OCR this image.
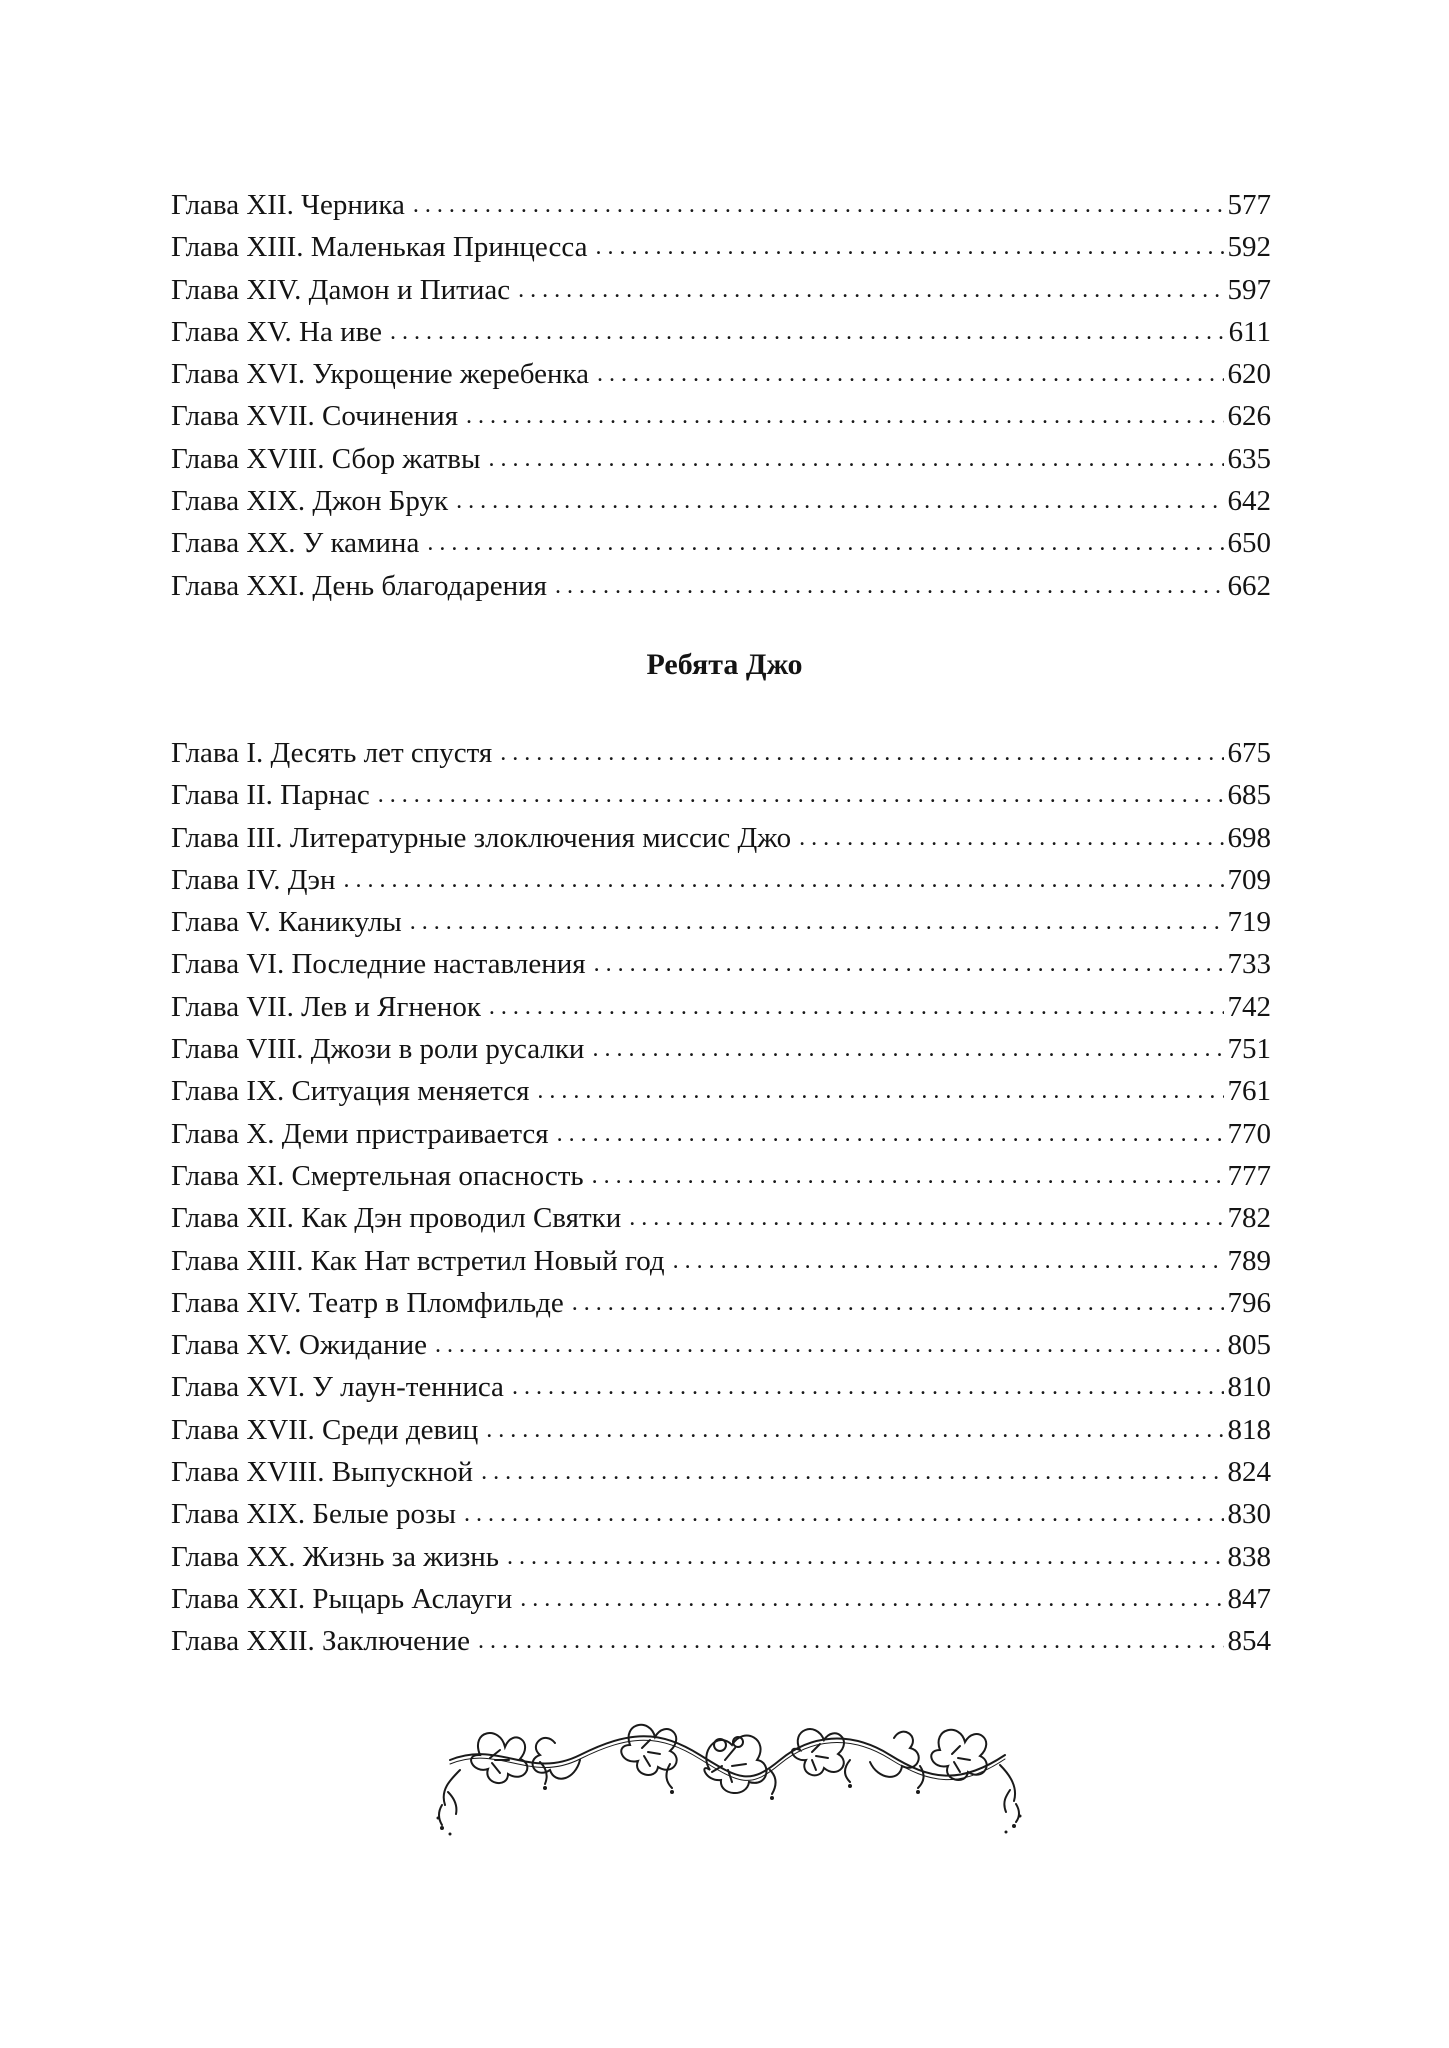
Глава XII. Черника . . .	577
Глава XIII. Маленькая Принцесса . . .	592
Глава XIV. Дамон и Питиас . . .	597
Глава XV. На иве . . .	611
Глава XVI. Укрощение жеребенка . . .	620
Глава XVII. Сочинения . . .	626
Глава XVIII. Сбор жатвы . . .	635
Глава XIX. Джон Брук . . .	642
Глава XX. У камина . . .	650
Глава XXI. День благодарения . . .	662
Ребята Джо
Глава I. Десять лет спустя . . .	675
Глава II. Парнас . . .	685
Глава III. Литературные злоключения миссис Джо . . .	698
Глава IV. Дэн . . .	709
Глава V. Каникулы . . .	719
Глава VI. Последние наставления . . .	733
Глава VII. Лев и Ягненок . . .	742
Глава VIII. Джози в роли русалки . . .	751
Глава IX. Ситуация меняется . . .	761
Глава X. Деми пристраивается . . .	770
Глава XI. Смертельная опасность . . .	777
Глава XII. Как Дэн проводил Святки . . .	782
Глава XIII. Как Нат встретил Новый год . . .	789
Глава XIV. Театр в Пломфильде . . .	796
Глава XV. Ожидание . . .	805
Глава XVI. У лаун-тенниса . . .	810
Глава XVII. Среди девиц . . .	818
Глава XVIII. Выпускной . . .	824
Глава XIX. Белые розы . . .	830
Глава XX. Жизнь за жизнь . . .	838
Глава XXI. Рыцарь Аслауги . . .	847
Глава XXII. Заключение . . .	854
